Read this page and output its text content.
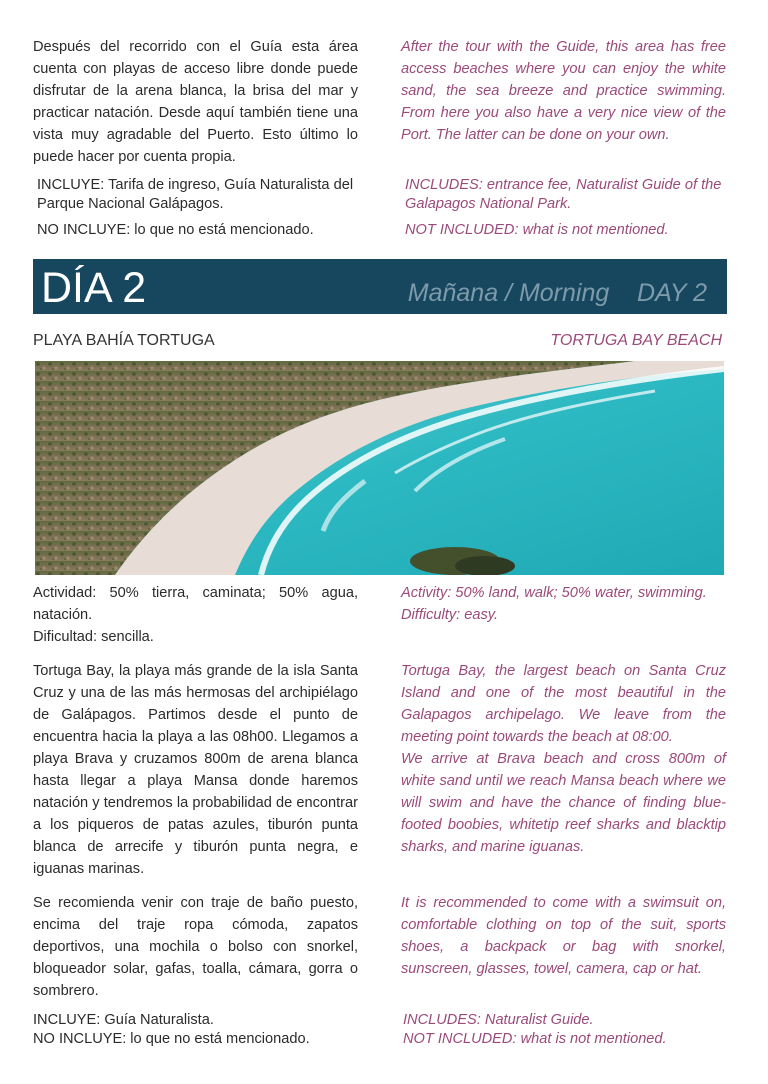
Después del recorrido con el Guía esta área cuenta con playas de acceso libre donde puede disfrutar de la arena blanca, la brisa del mar y practicar natación. Desde aquí también tiene una vista muy agradable del Puerto. Esto último lo puede hacer por cuenta propia.
After the tour with the Guide, this area has free access beaches where you can enjoy the white sand, the sea breeze and practice swimming. From here you also have a very nice view of the Port. The latter can be done on your own.
INCLUYE: Tarifa de ingreso, Guía Naturalista del Parque Nacional Galápagos.
NO INCLUYE: lo que no está mencionado.
INCLUDES: entrance fee, Naturalist Guide of the Galapagos National Park.
NOT INCLUDED: what is not mentioned.
DÍA 2	Mañana / Morning    DAY 2
PLAYA BAHÍA TORTUGA	TORTUGA BAY BEACH
Actividad: 50% tierra, caminata; 50% agua, natación.
Dificultad: sencilla.
Activity: 50% land, walk; 50% water, swimming.
Difficulty: easy.
Tortuga Bay, la playa más grande de la isla Santa Cruz y una de las más hermosas del archipiélago de Galápagos. Partimos desde el punto de encuentra hacia la playa a las 08h00. Llegamos a playa Brava y cruzamos 800m de arena blanca hasta llegar a playa Mansa donde haremos natación y tendremos la probabilidad de encontrar a los piqueros de patas azules, tiburón punta blanca de arrecife y tiburón punta negra, e iguanas marinas.
Tortuga Bay, the largest beach on Santa Cruz Island and one of the most beautiful in the Galapagos archipelago. We leave from the meeting point towards the beach at 08:00.
We arrive at Brava beach and cross 800m of white sand until we reach Mansa beach where we will swim and have the chance of finding blue-footed boobies, whitetip reef sharks and blacktip sharks, and marine iguanas.
Se recomienda venir con traje de baño puesto, encima del traje ropa cómoda, zapatos deportivos, una mochila o bolso con snorkel, bloqueador solar, gafas, toalla, cámara, gorra o sombrero.
It is recommended to come with a swimsuit on, comfortable clothing on top of the suit, sports shoes, a backpack or bag with snorkel, sunscreen, glasses, towel, camera, cap or hat.
INCLUYE: Guía Naturalista.
NO INCLUYE: lo que no está mencionado.
INCLUDES: Naturalist Guide.
NOT INCLUDED: what is not mentioned.
